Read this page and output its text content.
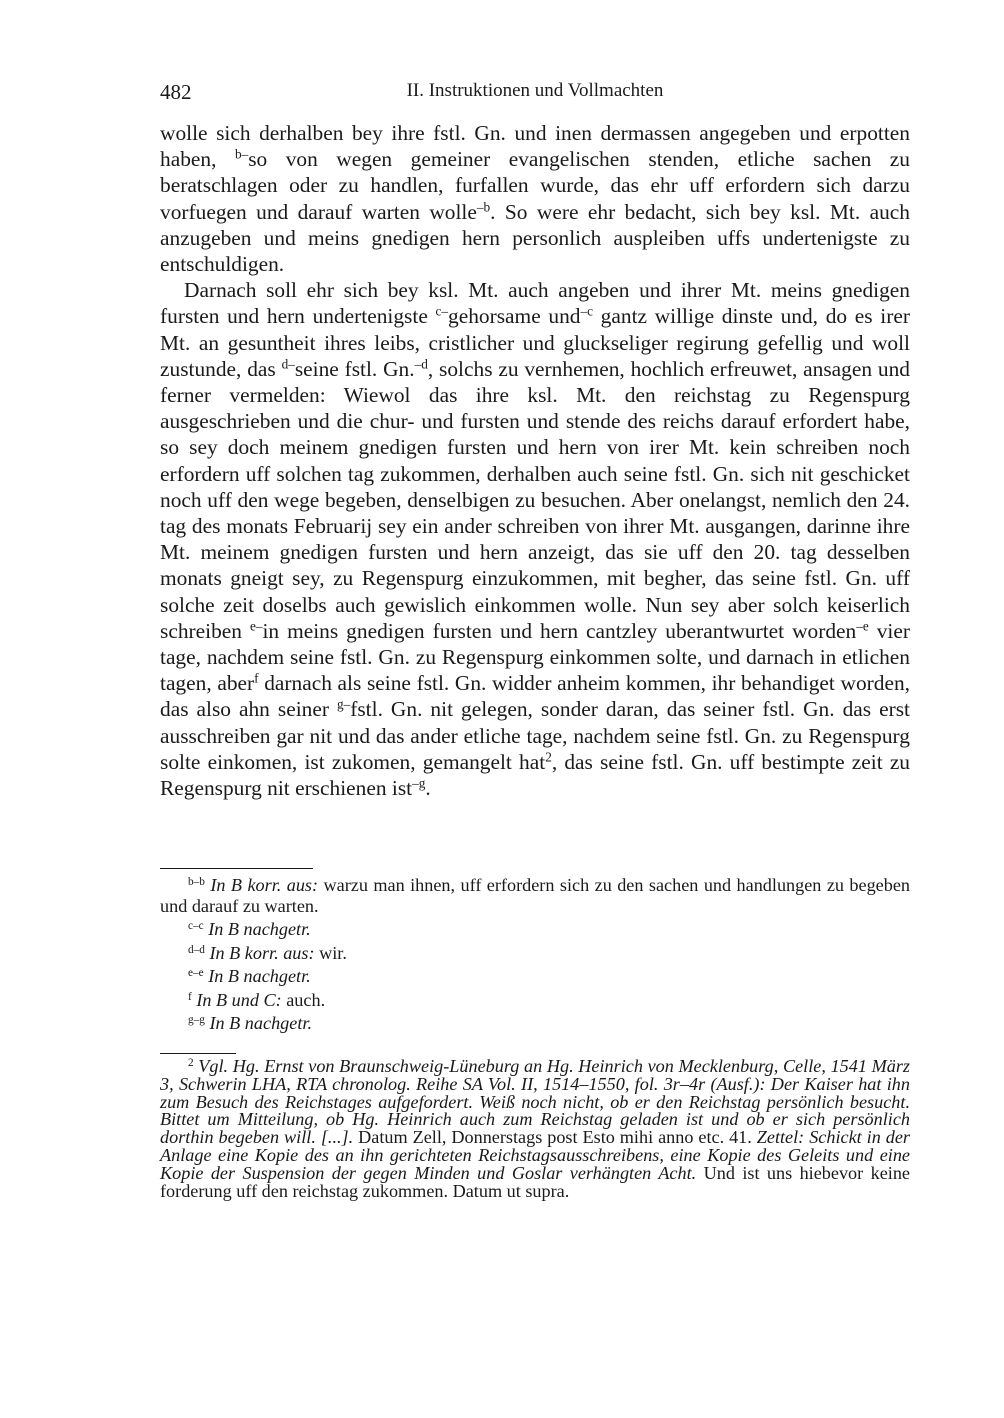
482	II. Instruktionen und Vollmachten

wolle sich derhalben bey ihre fstl. Gn. und inen dermassen angegeben und erpotten haben, $^{b-}$so von wegen gemeiner evangelischen stenden, etliche sachen zu beratschlagen oder zu handlen, furfallen wurde, das ehr uff erfordern sich darzu vorfuegen und darauf warten wolle$^{-b}$. So were ehr bedacht, sich bey ksl. Mt. auch anzugeben und meins gnedigen hern personlich auspleiben uffs undertenigste zu entschuldigen.

Darnach soll ehr sich bey ksl. Mt. auch angeben und ihrer Mt. meins gnedigen fursten und hern undertenigste $^{c-}$gehorsame und$^{-c}$ gantz willige dinste und, do es irer Mt. an gesuntheit ihres leibs, cristlicher und gluckseliger regirung gefellig und woll zustunde, das $^{d-}$seine fstl. Gn.$^{-d}$, solchs zu vernhemen, hochlich erfreuwet, ansagen und ferner vermelden: Wiewol das ihre ksl. Mt. den reichstag zu Regenspurg ausgeschrieben und die chur- und fursten und stende des reichs darauf erfordert habe, so sey doch meinem gnedigen fursten und hern von irer Mt. kein schreiben noch erfordern uff solchen tag zukommen, derhalben auch seine fstl. Gn. sich nit geschicket noch uff den wege begeben, denselbigen zu besuchen. Aber onelangst, nemlich den 24. tag des monats Februarij sey ein ander schreiben von ihrer Mt. ausgangen, darinne ihre Mt. meinem gnedigen fursten und hern anzeigt, das sie uff den 20. tag desselben monats gneigt sey, zu Regenspurg einzukommen, mit begher, das seine fstl. Gn. uff solche zeit doselbs auch gewislich einkommen wolle. Nun sey aber solch keiserlich schreiben $^{e-}$in meins gnedigen fursten und hern cantzley uberantwurtet worden$^{-e}$ vier tage, nachdem seine fstl. Gn. zu Regenspurg einkommen solte, und darnach in etlichen tagen, aber$^f$ darnach als seine fstl. Gn. widder anheim kommen, ihr behandiget worden, das also ahn seiner $^{g-}$fstl. Gn. nit gelegen, sonder daran, das seiner fstl. Gn. das erst ausschreiben gar nit und das ander etliche tage, nachdem seine fstl. Gn. zu Regenspurg solte einkomen, ist zukomen, gemangelt hat$^2$, das seine fstl. Gn. uff bestimpte zeit zu Regenspurg nit erschienen ist$^{-g}$.

$^{b-b}$ In B korr. aus: warzu man ihnen, uff erfordern sich zu den sachen und handlungen zu begeben und darauf zu warten.

$^{c-c}$ In B nachgetr.

$^{d-d}$ In B korr. aus: wir.

$^{e-e}$ In B nachgetr.

$^f$ In B und C: auch.

$^{g-g}$ In B nachgetr.

$^2$ Vgl. Hg. Ernst von Braunschweig-Lüneburg an Hg. Heinrich von Mecklenburg, Celle, 1541 März 3, Schwerin LHA, RTA chronolog. Reihe SA Vol. II, 1514–1550, fol. 3r–4r (Ausf.): Der Kaiser hat ihn zum Besuch des Reichstages aufgefordert. Weiß noch nicht, ob er den Reichstag persönlich besucht. Bittet um Mitteilung, ob Hg. Heinrich auch zum Reichstag geladen ist und ob er sich persönlich dorthin begeben will. [...]. Datum Zell, Donnerstags post Esto mihi anno etc. 41. Zettel: Schickt in der Anlage eine Kopie des an ihn gerichteten Reichstagsausschreibens, eine Kopie des Geleits und eine Kopie der Suspension der gegen Minden und Goslar verhängten Acht. Und ist uns hiebevor keine forderung uff den reichstag zukommen. Datum ut supra.
